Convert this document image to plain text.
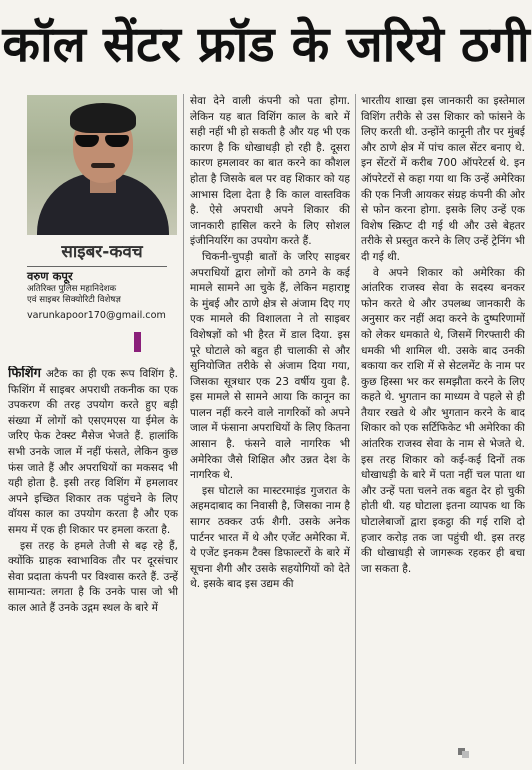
कॉल सेंटर फ्रॉड के जरिये ठगी
साइबर-कवच
वरुण कपूर
अतिरिक्त पुलिस महानिदेशक
एवं साइबर सिक्योरिटी विशेषज्ञ
varunkapoor170@gmail.com

फिशिंग अटैक का ही एक रूप विशिंग है. फिशिंग में साइबर अपराधी तकनीक का एक उपकरण की तरह उपयोग करते हुए बड़ी संख्या में लोगों को एसएमएस या ईमेल के जरिए फेक टेक्स्ट मैसेज भेजते हैं. हालांकि सभी उनके जाल में नहीं फंसते, लेकिन कुछ फंस जाते हैं और अपराधियों का मकसद भी यही होता है. इसी तरह विशिंग में हमलावर अपने इच्छित शिकार तक पहुंचने के लिए वॉयस काल का उपयोग करता है और एक समय में एक ही शिकार पर हमला करता है.

इस तरह के हमले तेजी से बढ़ रहे हैं, क्योंकि ग्राहक स्वाभाविक तौर पर दूरसंचार सेवा प्रदाता कंपनी पर विश्वास करते हैं. उन्हें सामान्यत: लगता है कि उनके पास जो भी काल आते हैं उनके उद्गम स्थल के बारे में

सेवा देने वाली कंपनी को पता होगा. लेकिन यह बात विशिंग काल के बारे में सही नहीं भी हो सकती है और यह भी एक कारण है कि धोखाधड़ी हो रही है. दूसरा कारण हमलावर का बात करने का कौशल होता है जिसके बल पर वह शिकार को यह आभास दिला देता है कि काल वास्तविक है. ऐसे अपराधी अपने शिकार की जानकारी हासिल करने के लिए सोशल इंजीनियरिंग का उपयोग करते हैं.

चिकनी-चुपड़ी बातों के जरिए साइबर अपराधियों द्वारा लोगों को ठगने के कई मामले सामने आ चुके हैं, लेकिन महाराष्ट्र के मुंबई और ठाणे क्षेत्र से अंजाम दिए गए एक मामले की विशालता ने तो साइबर विशेषज्ञों को भी हैरत में डाल दिया. इस पूरे घोटाले को बहुत ही चालाकी से और सुनियोजित तरीके से अंजाम दिया गया, जिसका सूत्रधार एक 23 वर्षीय युवा है. इस मामले से सामने आया कि कानून का पालन नहीं करने वाले नागरिकों को अपने जाल में फंसाना अपराधियों के लिए कितना आसान है. फंसने वाले नागरिक भी अमेरिका जैसे शिक्षित और उन्नत देश के नागरिक थे.

इस घोटाले का मास्टरमाइंड गुजरात के अहमदाबाद का निवासी है, जिसका नाम है सागर ठक्कर उर्फ शैगी. उसके अनेक पार्टनर भारत में थे और एजेंट अमेरिका में. ये एजेंट इनकम टैक्स डिफाल्टरों के बारे में सूचना शैगी और उसके सहयोगियों को देते थे. इसके बाद इस उद्यम की

भारतीय शाखा इस जानकारी का इस्तेमाल विशिंग तरीके से उस शिकार को फांसने के लिए करती थी. उन्होंने कानूनी तौर पर मुंबई और ठाणे क्षेत्र में पांच काल सेंटर बनाए थे. इन सेंटरों में करीब 700 ऑपरेटर्स थे. इन ऑपरेटरों से कहा गया था कि उन्हें अमेरिका की एक निजी आयकर संग्रह कंपनी की ओर से फोन करना होगा. इसके लिए उन्हें एक विशेष स्क्रिप्ट दी गई थी और उसे बेहतर तरीके से प्रस्तुत करने के लिए उन्हें ट्रेनिंग भी दी गई थी.

वे अपने शिकार को अमेरिका की आंतरिक राजस्व सेवा के सदस्य बनकर फोन करते थे और उपलब्ध जानकारी के अनुसार कर नहीं अदा करने के दुष्परिणामों को लेकर धमकाते थे, जिसमें गिरफ्तारी की धमकी भी शामिल थी. उसके बाद उनकी बकाया कर राशि में से सेटलमेंट के नाम पर कुछ हिस्सा भर कर समझौता करने के लिए कहते थे. भुगतान का माध्यम वे पहले से ही तैयार रखते थे और भुगतान करने के बाद शिकार को एक सर्टिफिकेट भी अमेरिका की आंतरिक राजस्व सेवा के नाम से भेजते थे. इस तरह शिकार को कई-कई दिनों तक धोखाधड़ी के बारे में पता नहीं चल पाता था और उन्हें पता चलने तक बहुत देर हो चुकी होती थी. यह घोटाला इतना व्यापक था कि घोटालेबाजों द्वारा इकट्ठा की गई राशि दो हजार करोड़ तक जा पहुंची थी. इस तरह की धोखाधड़ी से जागरूक रहकर ही बचा जा सकता है.
